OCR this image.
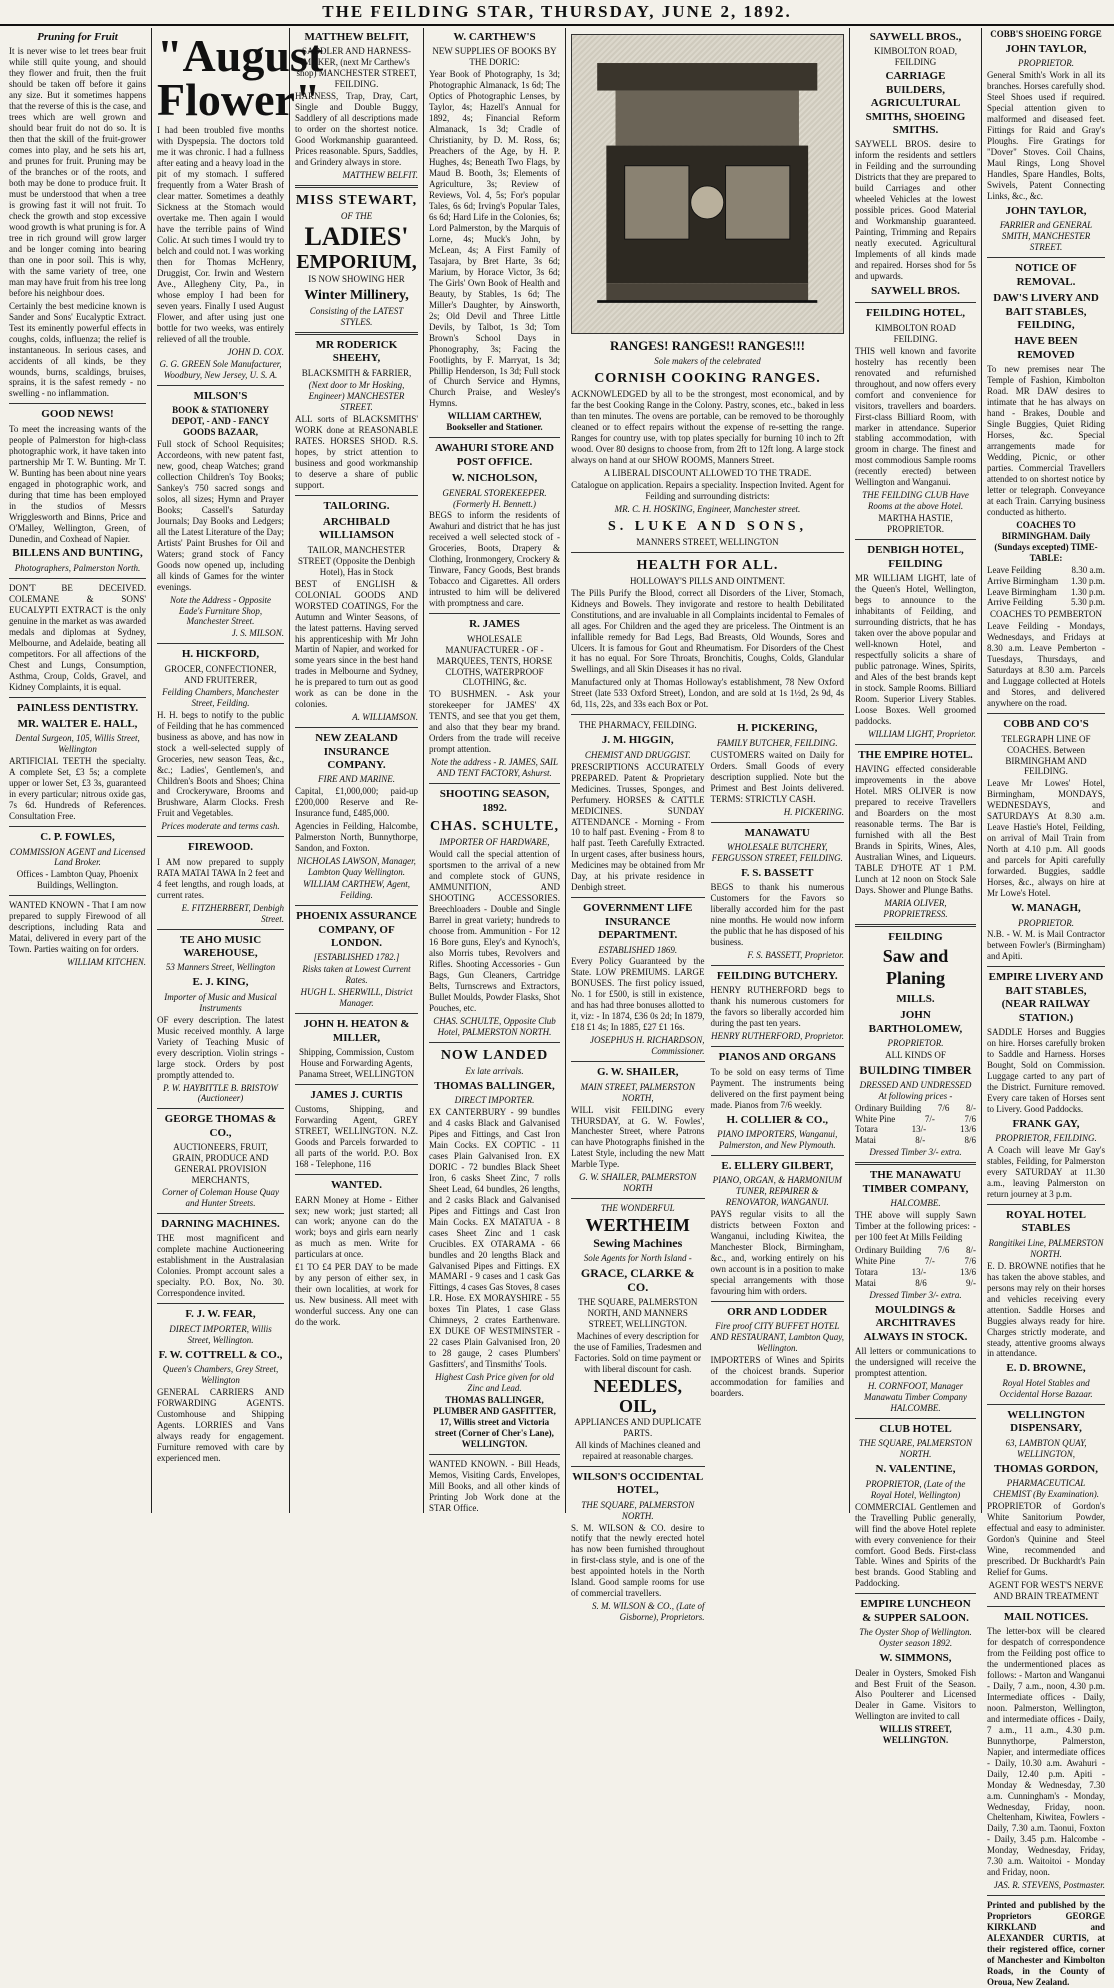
THE FEILDING STAR, THURSDAY, JUNE 2, 1892.
Pruning for Fruit

It is never wise to let trees bear fruit while still quite young, and should they flower and fruit, then the fruit should be taken off before it gains any size. But it sometimes happens that the reverse of this is the case, and trees which are well grown and should bear fruit do not do so. It is then that the skill of the fruit-grower comes into play, and he sets his art, and prunes for fruit. Pruning may be of the branches or of the roots, and both may be done to produce fruit. It must be understood that when a tree is growing fast it will not fruit. To check the growth and stop excessive wood growth is what pruning is for. A tree in rich ground will grow larger and be longer coming into bearing than one in poor soil. This is why, with the same variety of tree, one man may have fruit from his tree long before his neighbour does.

Certainly the best medicine known is Sander and Sons' Eucalyptic Extract. Test its eminently powerful effects in coughs, colds, influenza; the relief is instantaneous. In serious cases, and accidents of all kinds, be they wounds, burns, scaldings, bruises, sprains, it is the safest remedy - no swelling - no inflammation.

GOOD NEWS!

To meet the increasing wants of the people of Palmerston for high-class photographic work, it have taken into partnership Mr T. W. Bunting. Mr T. W. Bunting has been about nine years engaged in photographic work, and during that time has been employed in the studios of Messrs Wrigglesworth and Binns, Price and O'Malley, Wellington, Green, of Dunedin, and Coxhead of Napier.

BILLENS AND BUNTING,
Photographers, Palmerston North.

DON'T BE DECEIVED. COLEMANE & SONS' EUCALYPTI EXTRACT is the only genuine in the market as was awarded medals and diplomas at Sydney, Melbourne, and Adelaide, beating all competitors. For all affections of the Chest and Lungs, Consumption, Asthma, Croup, Colds, Gravel, and Kidney Complaints, it is equal.

PAINLESS DENTISTRY.
MR. WALTER E. HALL,
Dental Surgeon, 105, Willis Street, Wellington

ARTIFICIAL TEETH the specialty. A complete Set, £3 5s; a complete upper or lower Set, £3 3s, guaranteed in every particular; nitrous oxide gas, 7s 6d. Hundreds of References. Consultation Free.

C. P. FOWLES,
COMMISSION AGENT and Licensed Land Broker.

Offices - Lambton Quay, Phoenix Buildings, Wellington.

WANTED KNOWN - That I am now prepared to supply Firewood of all descriptions, including Rata and Matai, delivered in every part of the Town. Parties waiting on for orders.

WILLIAM KITCHEN.
"August Flower"

I had been troubled five months with Dyspepsia. The doctors told me it was chronic. I had a fullness after eating and a heavy load in the pit of my stomach. I suffered frequently from a Water Brash of clear matter. Sometimes a deathly Sickness at the Stomach would overtake me. Then again I would have the terrible pains of Wind Colic. At such times I would try to belch and could not. I was working then for Thomas McHenry, Druggist, Cor. Irwin and Western Ave., Allegheny City, Pa., in whose employ I had been for seven years. Finally I used August Flower, and after using just one bottle for two weeks, was entirely relieved of all the trouble.

JOHN D. COX.
G. G. GREEN Sole Manufacturer, Woodbury, New Jersey, U. S. A.
MILSON'S
BOOK & STATIONERY DEPOT, - AND - FANCY GOODS BAZAAR,

Full stock of School Requisites; Accordeons, with new patent fast, new, good, cheap Watches; grand collection Children's Toy Books; Sankey's 750 sacred songs and solos, all sizes; Hymn and Prayer Books; Cassell's Saturday Journals; Day Books and Ledgers; all the Latest Literature of the Day; Artists' Paint Brushes for Oil and Waters; grand stock of Fancy Goods now opened up, including all kinds of Games for the winter evenings.

Note the Address - Opposite Eade's Furniture Shop, Manchester Street.
J. S. MILSON.
H. HICKFORD,
GROCER, CONFECTIONER, AND FRUITERER,
Feilding Chambers, Manchester Street, Feilding.

H. H. begs to notify to the public of Feilding that he has commenced business as above, and has now in stock a well-selected supply of Groceries, new season Teas, &c., &c.; Ladies', Gentlemen's, and Children's Boots and Shoes; China and Crockeryware, Brooms and Brushware, Alarm Clocks. Fresh Fruit and Vegetables.

Prices moderate and terms cash.
FIREWOOD.

I AM now prepared to supply RATA MATAI TAWA In 2 feet and 4 feet lengths, and rough loads, at current rates.

E. FITZHERBERT, Denbigh Street.
TE AHO MUSIC WAREHOUSE,
53 Manners Street, Wellington
E. J. KING,
Importer of Music and Musical Instruments

OF every description. The latest Music received monthly. A large Variety of Teaching Music of every description. Violin strings - large stock. Orders by post promptly attended to.

P. W. HAYBITTLE B. BRISTOW (Auctioneer)
GEORGE THOMAS & CO.,
AUCTIONEERS, FRUIT, GRAIN, PRODUCE AND GENERAL PROVISION MERCHANTS,
Corner of Coleman House Quay and Hunter Streets.
DARNING MACHINES.

THE most magnificent and complete machine Auctioneering establishment in the Australasian Colonies. Prompt account sales a specialty. P.O. Box, No. 30. Correspondence invited.

F. J. W. FEAR,
DIRECT IMPORTER, Willis Street, Wellington.
F. W. COTTRELL & CO.,
Queen's Chambers, Grey Street, Wellington

GENERAL CARRIERS AND FORWARDING AGENTS. Customhouse and Shipping Agents. LORRIES and Vans always ready for engagement. Furniture removed with care by experienced men.

MATTHEW BELFIT,
SADDLER AND HARNESS-MAKER, (next Mr Carthew's shop) MANCHESTER STREET, FEILDING.

HARNESS, Trap, Dray, Cart, Single and Double Buggy, Saddlery of all descriptions made to order on the shortest notice. Good Workmanship guaranteed. Prices reasonable. Spurs, Saddles, and Grindery always in store.

MATTHEW BELFIT.
MISS STEWART,
OF THE
LADIES'
EMPORIUM,
IS NOW SHOWING HER
Winter Millinery,
Consisting of the LATEST STYLES.
MR RODERICK SHEEHY,
BLACKSMITH & FARRIER,
(Next door to Mr Hosking, Engineer) MANCHESTER STREET.

ALL sorts of BLACKSMITHS' WORK done at REASONABLE RATES. HORSES SHOD. R.S. hopes, by strict attention to business and good workmanship to deserve a share of public support.

TAILORING.
ARCHIBALD WILLIAMSON
TAILOR, MANCHESTER STREET (Opposite the Denbigh Hotel), Has in Stock

BEST of ENGLISH & COLONIAL GOODS AND WORSTED COATINGS, For the Autumn and Winter Seasons, of the latest patterns. Having served his apprenticeship with Mr John Martin of Napier, and worked for some years since in the best hand trades in Melbourne and Sydney, he is prepared to turn out as good work as can be done in the colonies.

A. WILLIAMSON.
NEW ZEALAND INSURANCE COMPANY.
FIRE AND MARINE.

Capital, £1,000,000; paid-up £200,000 Reserve and Re-Insurance fund, £485,000.

Agencies in Feilding, Halcombe, Palmerston North, Bunnythorpe, Sandon, and Foxton.

NICHOLAS LAWSON, Manager, Lambton Quay Wellington.
WILLIAM CARTHEW, Agent, Feilding.
PHOENIX ASSURANCE COMPANY, OF LONDON.
[ESTABLISHED 1782.]
Risks taken at Lowest Current Rates.
HUGH L. SHERWILL, District Manager.
JOHN H. HEATON & MILLER,

Shipping, Commission, Custom House and Forwarding Agents, Panama Street, WELLINGTON

JAMES J. CURTIS

Customs, Shipping, and Forwarding Agent, GREY STREET, WELLINGTON. N.Z. Goods and Parcels forwarded to all parts of the world. P.O. Box 168 - Telephone, 116

WANTED.

EARN Money at Home - Either sex; new work; just started; all can work; anyone can do the work; boys and girls earn nearly as much as men. Write for particulars at once.

£1 TO £4 PER DAY to be made by any person of either sex, in their own localities, at work for us. New business. All meet with wonderful success. Any one can do the work.

W. CARTHEW'S
NEW SUPPLIES OF BOOKS BY THE DORIC:

Year Book of Photography, 1s 3d; Photographic Almanack, 1s 6d; The Optics of Photographic Lenses, by Taylor, 4s; Hazell's Annual for 1892, 4s; Financial Reform Almanack, 1s 3d; Cradle of Christianity, by D. M. Ross, 6s; Preachers of the Age, by H. P. Hughes, 4s; Beneath Two Flags, by Maud B. Booth, 3s; Elements of Agriculture, 3s; Review of Reviews, Vol. 4, 5s; For's popular Tales, 6s 6d; Irving's Popular Tales, 6s 6d; Hard Life in the Colonies, 6s; Lord Palmerston, by the Marquis of Lorne, 4s; Muck's John, by McLean, 4s; A First Family of Tasajara, by Bret Harte, 3s 6d; Marium, by Horace Victor, 3s 6d; The Girls' Own Book of Health and Beauty, by Stables, 1s 6d; The Miller's Daughter, by Ainsworth, 2s; Old Devil and Three Little Devils, by Talbot, 1s 3d; Tom Brown's School Days in Phonography, 3s; Facing the Footlights, by F. Marryat, 1s 3d; Phillip Henderson, 1s 3d; Full stock of Church Service and Hymns, Church Praise, and Wesley's Hymns.

WILLIAM CARTHEW, Bookseller and Stationer.
AWAHURI STORE AND POST OFFICE.
W. NICHOLSON,
GENERAL STOREKEEPER. (Formerly H. Bennett.)

BEGS to inform the residents of Awahuri and district that he has just received a well selected stock of - Groceries, Boots, Drapery & Clothing, Ironmongery, Crockery & Tinware, Fancy Goods, Best brands Tobacco and Cigarettes. All orders intrusted to him will be delivered with promptness and care.

R. JAMES
WHOLESALE MANUFACTURER - OF - MARQUEES, TENTS, HORSE CLOTHS, WATERPROOF CLOTHING, &c.

TO BUSHMEN. - Ask your storekeeper for JAMES' 4X TENTS, and see that you get them, and also that they bear my brand. Orders from the trade will receive prompt attention.

Note the address - R. JAMES, SAIL AND TENT FACTORY, Ashurst.
SHOOTING SEASON, 1892.
CHAS. SCHULTE,
IMPORTER OF HARDWARE,

Would call the special attention of sportsmen to the arrival of a new and complete stock of GUNS, AMMUNITION, AND SHOOTING ACCESSORIES. Breechloaders - Double and Single Barrel in great variety; hundreds to choose from. Ammunition - For 12 16 Bore guns, Eley's and Kynoch's, also Morris tubes, Revolvers and Rifles. Shooting Accessories - Gun Bags, Gun Cleaners, Cartridge Belts, Turnscrews and Extractors, Bullet Moulds, Powder Flasks, Shot Pouches, etc.

CHAS. SCHULTE, Opposite Club Hotel, PALMERSTON NORTH.
NOW LANDED
Ex late arrivals.
THOMAS BALLINGER,
DIRECT IMPORTER.

EX CANTERBURY - 99 bundles and 4 casks Black and Galvanised Pipes and Fittings, and Cast Iron Main Cocks. EX COPTIC - 11 cases Plain Galvanised Iron. EX DORIC - 72 bundles Black Sheet Iron, 6 casks Sheet Zinc, 7 rolls Sheet Lead, 64 bundles, 26 lengths, and 2 casks Black and Galvanised Pipes and Fittings and Cast Iron Main Cocks. EX MATATUA - 8 cases Sheet Zinc and 1 cask Crucibles. EX OTARAMA - 66 bundles and 20 lengths Black and Galvanised Pipes and Fittings. EX MAMARI - 9 cases and 1 cask Gas Fittings, 4 cases Gas Stoves, 8 cases I.R. Hose. EX MORAYSHIRE - 55 boxes Tin Plates, 1 case Glass Chimneys, 2 crates Earthenware. EX DUKE OF WESTMINSTER - 22 cases Plain Galvanised Iron, 20 to 28 gauge, 2 cases Plumbers' Gasfitters', and Tinsmiths' Tools.

Highest Cash Price given for old Zinc and Lead.
THOMAS BALLINGER, PLUMBER AND GASFITTER, 17, Willis street and Victoria street (Corner of Cher's Lane), WELLINGTON.

WANTED KNOWN. - Bill Heads, Memos, Visiting Cards, Envelopes, Mill Books, and all other kinds of Printing Job Work done at the STAR Office.

RANGES! RANGES!! RANGES!!!
Sole makers of the celebrated
CORNISH COOKING RANGES.

ACKNOWLEDGED by all to be the strongest, most economical, and by far the best Cooking Range in the Colony. Pastry, scones, etc., baked in less than ten minutes. The ovens are portable, can be removed to be thoroughly cleaned or to effect repairs without the expense of re-setting the range. Ranges for country use, with top plates specially for burning 10 inch to 2ft wood. Over 80 designs to choose from, from 2ft to 12ft long. A large stock always on hand at our SHOW ROOMS, Manners Street.

A LIBERAL DISCOUNT ALLOWED TO THE TRADE.

Catalogue on application. Repairs a speciality. Inspection Invited. Agent for Feilding and surrounding districts:

MR. C. H. HOSKING, Engineer, Manchester street.
S. LUKE AND SONS,
MANNERS STREET, WELLINGTON
HEALTH FOR ALL.
HOLLOWAY'S PILLS AND OINTMENT.

The Pills Purify the Blood, correct all Disorders of the Liver, Stomach, Kidneys and Bowels. They invigorate and restore to health Debilitated Constitutions, and are invaluable in all Complaints incidental to Females of all ages. For Children and the aged they are priceless. The Ointment is an infallible remedy for Bad Legs, Bad Breasts, Old Wounds, Sores and Ulcers. It is famous for Gout and Rheumatism. For Disorders of the Chest it has no equal. For Sore Throats, Bronchitis, Coughs, Colds, Glandular Swellings, and all Skin Diseases it has no rival.

Manufactured only at Thomas Holloway's establishment, 78 New Oxford Street (late 533 Oxford Street), London, and are sold at 1s 1½d, 2s 9d, 4s 6d, 11s, 22s, and 33s each Box or Pot.

THE PHARMACY, FEILDING.
J. M. HIGGIN,
CHEMIST AND DRUGGIST.

PRESCRIPTIONS ACCURATELY PREPARED. Patent & Proprietary Medicines. Trusses, Sponges, and Perfumery. HORSES & CATTLE MEDICINES. SUNDAY ATTENDANCE - Morning - From 10 to half past. Evening - From 8 to half past. Teeth Carefully Extracted. In urgent cases, after business hours, Medicines may be obtained from Mr Day, at his private residence in Denbigh street.

GOVERNMENT LIFE INSURANCE DEPARTMENT.
ESTABLISHED 1869.

Every Policy Guaranteed by the State. LOW PREMIUMS. LARGE BONUSES. The first policy issued, No. 1 for £500, is still in existence, and has had three bonuses allotted to it, viz: - In 1874, £36 0s 2d; In 1879, £18 £1 4s; In 1885, £27 £1 16s.

JOSEPHUS H. RICHARDSON, Commissioner.
G. W. SHAILER,
MAIN STREET, PALMERSTON NORTH,

WILL visit FEILDING every THURSDAY, at G. W. Fowles', Manchester Street, where Patrons can have Photographs finished in the Latest Style, including the new Matt Marble Type.

G. W. SHAILER, PALMERSTON NORTH
THE WONDERFUL
WERTHEIM
Sewing Machines
Sole Agents for North Island -
GRACE, CLARKE & CO.
THE SQUARE, PALMERSTON NORTH, AND MANNERS STREET, WELLINGTON.

Machines of every description for the use of Families, Tradesmen and Factories. Sold on time payment or with liberal discount for cash.

NEEDLES,
OIL,
APPLIANCES AND DUPLICATE PARTS.

All kinds of Machines cleaned and repaired at reasonable charges.

WILSON'S OCCIDENTAL HOTEL,
THE SQUARE, PALMERSTON NORTH.

S. M. WILSON & CO. desire to notify that the newly erected hotel has now been furnished throughout in first-class style, and is one of the best appointed hotels in the North Island. Good sample rooms for use of commercial travellers.

S. M. WILSON & CO., (Late of Gisborne), Proprietors.
H. PICKERING,
FAMILY BUTCHER, FEILDING.

CUSTOMERS waited on Daily for Orders. Small Goods of every description supplied. Note but the Primest and Best Joints delivered. TERMS: STRICTLY CASH.

H. PICKERING.
MANAWATU
WHOLESALE BUTCHERY, FERGUSSON STREET, FEILDING.
F. S. BASSETT

BEGS to thank his numerous Customers for the Favors so liberally accorded him for the past nine months. He would now inform the public that he has disposed of his business.

F. S. BASSETT, Proprietor.
FEILDING BUTCHERY.

HENRY RUTHERFORD begs to thank his numerous customers for the favors so liberally accorded him during the past ten years.

HENRY RUTHERFORD, Proprietor.
PIANOS AND ORGANS

To be sold on easy terms of Time Payment. The instruments being delivered on the first payment being made. Pianos from 7/6 weekly.

H. COLLIER & CO.,
PIANO IMPORTERS, Wanganui, Palmerston, and New Plymouth.
E. ELLERY GILBERT,
PIANO, ORGAN, & HARMONIUM TUNER, REPAIRER & RENOVATOR, WANGANUI.

PAYS regular visits to all the districts between Foxton and Wanganui, including Kiwitea, the Manchester Block, Birmingham, &c., and, working entirely on his own account is in a position to make special arrangements with those favouring him with orders.

ORR AND LODDER
Fire proof CITY BUFFET HOTEL AND RESTAURANT, Lambton Quay, Wellington.

IMPORTERS of Wines and Spirits of the choicest brands. Superior accommodation for families and boarders.

SAYWELL BROS.,
KIMBOLTON ROAD, FEILDING
CARRIAGE BUILDERS, AGRICULTURAL SMITHS, SHOEING SMITHS.

SAYWELL BROS. desire to inform the residents and settlers in Feilding and the surrounding Districts that they are prepared to build Carriages and other wheeled Vehicles at the lowest possible prices. Good Material and Workmanship guaranteed. Painting, Trimming and Repairs neatly executed. Agricultural Implements of all kinds made and repaired. Horses shod for 5s and upwards.

SAYWELL BROS.
FEILDING HOTEL,
KIMBOLTON ROAD FEILDING.

THIS well known and favorite hostelry has recently been renovated and refurnished throughout, and now offers every comfort and convenience for visitors, travellers and boarders. First-class Billiard Room, with marker in attendance. Superior stabling accommodation, with groom in charge. The finest and most commodious Sample rooms (recently erected) between Wellington and Wanganui.

THE FEILDING CLUB Have Rooms at the above Hotel.
MARTHA HASTIE, PROPRIETOR.
DENBIGH HOTEL, FEILDING

MR WILLIAM LIGHT, late of the Queen's Hotel, Wellington, begs to announce to the inhabitants of Feilding, and surrounding districts, that he has taken over the above popular and well-known Hotel, and respectfully solicits a share of public patronage. Wines, Spirits, and Ales of the best brands kept in stock. Sample Rooms. Billiard Room. Superior Livery Stables. Loose Boxes. Well groomed paddocks.

WILLIAM LIGHT, Proprietor.
THE EMPIRE HOTEL.

HAVING effected considerable improvements in the above Hotel. MRS OLIVER is now prepared to receive Travellers and Boarders on the most reasonable terms. The Bar is furnished with all the Best Brands in Spirits, Wines, Ales, Australian Wines, and Liqueurs. TABLE D'HOTE AT 1 P.M. Lunch at 12 noon on Stock Sale Days. Shower and Plunge Baths.

MARIA OLIVER, PROPRIETRESS.
FEILDING
Saw and Planing
MILLS.
JOHN BARTHOLOMEW,
PROPRIETOR.
ALL KINDS OF
BUILDING TIMBER
DRESSED AND UNDRESSED At following prices -
Ordinary Building 7/6 8/-
White Pine	7/-	7/6
Totara	13/-	13/6
Matai	8/-	8/6
Dressed Timber 3/- extra.
THE MANAWATU TIMBER COMPANY,
HALCOMBE.

THE above will supply Sawn Timber at the following prices: - per 100 feet At Mills Feilding

Ordinary Building 7/6 8/-
White Pine	7/-	7/6
Totara	13/-	13/6
Matai	8/6	9/-
Dressed Timber 3/- extra.
MOULDINGS & ARCHITRAVES ALWAYS IN STOCK.

All letters or communications to the undersigned will receive the promptest attention.

H. CORNFOOT, Manager Manawatu Timber Company HALCOMBE.
CLUB HOTEL
THE SQUARE, PALMERSTON NORTH.
N. VALENTINE,
PROPRIETOR, (Late of the Royal Hotel, Wellington)

COMMERCIAL Gentlemen and the Travelling Public generally, will find the above Hotel replete with every convenience for their comfort. Good Beds. First-class Table. Wines and Spirits of the best brands. Good Stabling and Paddocking.

EMPIRE LUNCHEON & SUPPER SALOON.
The Oyster Shop of Wellington. Oyster season 1892.
W. SIMMONS,

Dealer in Oysters, Smoked Fish and Best Fruit of the Season. Also Poulterer and Licensed Dealer in Game. Visitors to Wellington are invited to call

WILLIS STREET, WELLINGTON.
COBB'S SHOEING FORGE
JOHN TAYLOR,
PROPRIETOR.

General Smith's Work in all its branches. Horses carefully shod. Steel Shoes used if required. Special attention given to malformed and diseased feet. Fittings for Raid and Gray's Ploughs. Fire Gratings for "Dover" Stoves. Coil Chains, Maul Rings, Long Shovel Handles, Spare Handles, Bolts, Swivels, Patent Connecting Links, &c., &c.

JOHN TAYLOR,
FARRIER and GENERAL SMITH, MANCHESTER STREET.
NOTICE OF REMOVAL.
DAW'S LIVERY AND BAIT STABLES, FEILDING,
HAVE BEEN REMOVED

To new premises near The Temple of Fashion, Kimbolton Road. MR DAW desires to intimate that he has always on hand - Brakes, Double and Single Buggies, Quiet Riding Horses, &c. Special arrangements made for Wedding, Picnic, or other parties. Commercial Travellers attended to on shortest notice by letter or telegraph. Conveyance at each Train. Carrying business conducted as hitherto.

COACHES TO BIRMINGHAM. Daily (Sundays excepted) TIME-TABLE:
Leave Feilding	8.30 a.m.
Arrive Birmingham 1.30 p.m.
Leave Birmingham 1.30 p.m.
Arrive Feilding	5.30 p.m.
COACHES TO PEMBERTON

Leave Feilding - Mondays, Wednesdays, and Fridays at 8.30 a.m. Leave Pemberton - Tuesdays, Thursdays, and Saturdays at 8.30 a.m. Parcels and Luggage collected at Hotels and Stores, and delivered anywhere on the road.

COBB AND CO'S
TELEGRAPH LINE OF COACHES. Between BIRMINGHAM AND FEILDING.

Leave Mr Lowes' Hotel, Birmingham, MONDAYS, WEDNESDAYS, and SATURDAYS At 8.30 a.m. Leave Hastie's Hotel, Feilding, on arrival of Mail Train from North at 4.10 p.m. All goods and parcels for Apiti carefully forwarded. Buggies, saddle Horses, &c., always on hire at Mr Lowe's Hotel.

W. MANAGH,
PROPRIETOR.

N.B. - W. M. is Mail Contractor between Fowler's (Birmingham) and Apiti.

EMPIRE LIVERY AND BAIT STABLES, (NEAR RAILWAY STATION.)

SADDLE Horses and Buggies on hire. Horses carefully broken to Saddle and Harness. Horses Bought, Sold on Commission. Luggage carted to any part of the District. Furniture removed. Every care taken of Horses sent to Livery. Good Paddocks.

FRANK GAY,
PROPRIETOR, FEILDING.

A Coach will leave Mr Gay's stables, Feilding, for Palmerston every SATURDAY at 11.30 a.m., leaving Palmerston on return journey at 3 p.m.

ROYAL HOTEL STABLES
Rangitikei Line, PALMERSTON NORTH.

E. D. BROWNE notifies that he has taken the above stables, and persons may rely on their horses and vehicles receiving every attention. Saddle Horses and Buggies always ready for hire. Charges strictly moderate, and steady, attentive grooms always in attendance.

E. D. BROWNE,
Royal Hotel Stables and Occidental Horse Bazaar.
WELLINGTON DISPENSARY,
63, LAMBTON QUAY, WELLINGTON,
THOMAS GORDON,
PHARMACEUTICAL CHEMIST (By Examination).

PROPRIETOR of Gordon's White Sanitorium Powder, effectual and easy to administer. Gordon's Quinine and Steel Wine, recommended and prescribed. Dr Buckhardt's Pain Relief for Gums.

AGENT FOR WEST'S NERVE AND BRAIN TREATMENT
MAIL NOTICES.

The letter-box will be cleared for despatch of correspondence from the Feilding post office to the undermentioned places as follows: - Marton and Wanganui - Daily, 7 a.m., noon, 4.30 p.m. Intermediate offices - Daily, noon. Palmerston, Wellington, and intermediate offices - Daily, 7 a.m., 11 a.m., 4.30 p.m. Bunnythorpe, Palmerston, Napier, and intermediate offices - Daily, 10.30 a.m. Awahuri - Daily, 12.40 p.m. Apiti - Monday & Wednesday, 7.30 a.m. Cunningham's - Monday, Wednesday, Friday, noon. Cheltenham, Kiwitea, Fowlers - Daily, 7.30 a.m. Taonui, Foxton - Daily, 3.45 p.m. Halcombe - Monday, Wednesday, Friday, 7.30 a.m. Waitoitoi - Monday and Friday, noon.

JAS. R. STEVENS, Postmaster.

Printed and published by the Proprietors GEORGE KIRKLAND and ALEXANDER CURTIS, at their registered office, corner of Manchester and Kimbolton Roads, in the County of Oroua, New Zealand.
